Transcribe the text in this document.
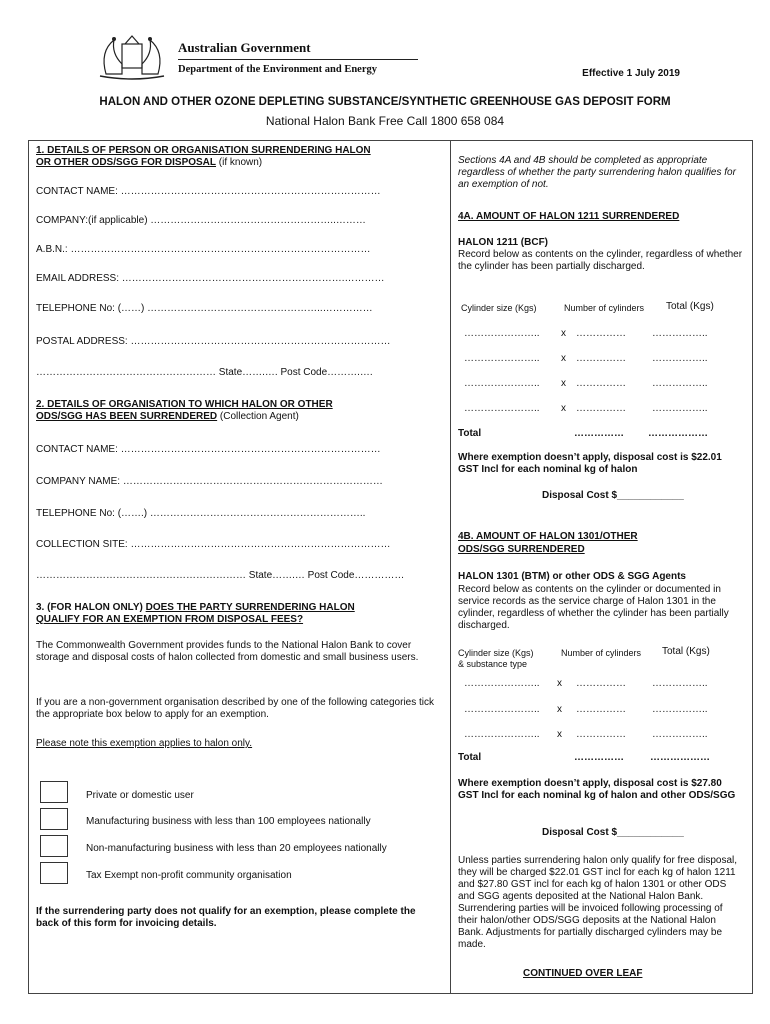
Australian Government
Department of the Environment and Energy	Effective 1 July 2019
HALON AND OTHER OZONE DEPLETING SUBSTANCE/SYNTHETIC GREENHOUSE GAS DEPOSIT FORM
National Halon Bank Free Call 1800 658 084
1. DETAILS OF PERSON OR ORGANISATION SURRENDERING HALON
OR OTHER ODS/SGG FOR DISPOSAL (if known)
CONTACT NAME: ……………………………………………………………………
COMPANY:(if applicable) ………………………………………………..………
A.B.N.: ………………………………………………………………………………
EMAIL ADDRESS: ………………………………………………………….…………
TELEPHONE No: (……) ……………………………………………..……………
POSTAL ADDRESS: ……………………………………………………………………
……………………………………………… State…….…. Post Code……….….
2. DETAILS OF ORGANISATION TO WHICH HALON OR OTHER
ODS/SGG HAS BEEN SURRENDERED (Collection Agent)
CONTACT NAME: ……………………………………………………………………
COMPANY NAME: ……………………………………………………………………
TELEPHONE No: (…….) ………………………………………………………..
COLLECTION SITE: ……………………………………………………………………
……………………………………………………… State…….… Post Code……………
3. (FOR HALON ONLY) DOES THE PARTY SURRENDERING HALON
QUALIFY FOR AN EXEMPTION FROM DISPOSAL FEES?
The Commonwealth Government provides funds to the National Halon Bank to cover storage and disposal costs of halon collected from domestic and small business users.
If you are a non-government organisation described by one of the following categories tick the appropriate box below to apply for an exemption.
Please note this exemption applies to halon only.
Private or domestic user
Manufacturing business with less than 100 employees nationally
Non-manufacturing business with less than 20 employees nationally
Tax Exempt non-profit community organisation
If the surrendering party does not qualify for an exemption, please complete the back of this form for invoicing details.
Sections 4A and 4B should be completed as appropriate regardless of whether the party surrendering halon qualifies for an exemption of not.
4A. AMOUNT OF HALON 1211 SURRENDERED
HALON 1211 (BCF)
Record below as contents on the cylinder, regardless of whether the cylinder has been partially discharged.
Cylinder size (Kgs)	Number of cylinders Total (Kgs)
………………….. x ……………	……………..
………………….. x ……………	……………..
………………….. x ……………	……………..
………………….. x ……………	……………..
Total	…………… ………………
Where exemption doesn’t apply, disposal cost is $22.01 GST Incl for each nominal kg of halon
Disposal Cost $____________
4B. AMOUNT OF HALON 1301/OTHER
ODS/SGG SURRENDERED
HALON 1301 (BTM) or other ODS & SGG Agents
Record below as contents on the cylinder or documented in service records as the service charge of Halon 1301 in the cylinder, regardless of whether the cylinder has been partially discharged.
Cylinder size (Kgs)
& substance type
Number of cylinders Total (Kgs)
………………….. x ……………	……………..
………………….. x ……………	……………..
………………….. x ……………	……………..
Total	……………	………………
Where exemption doesn’t apply, disposal cost is $27.80 GST Incl for each nominal kg of halon and other ODS/SGG
Disposal Cost $____________
Unless parties surrendering halon only qualify for free disposal, they will be charged $22.01 GST incl for each kg of halon 1211 and $27.80 GST incl for each kg of halon 1301 or other ODS and SGG agents deposited at the National Halon Bank. Surrendering parties will be invoiced following processing of their halon/other ODS/SGG deposits at the National Halon Bank. Adjustments for partially discharged cylinders may be made.
CONTINUED OVER LEAF
